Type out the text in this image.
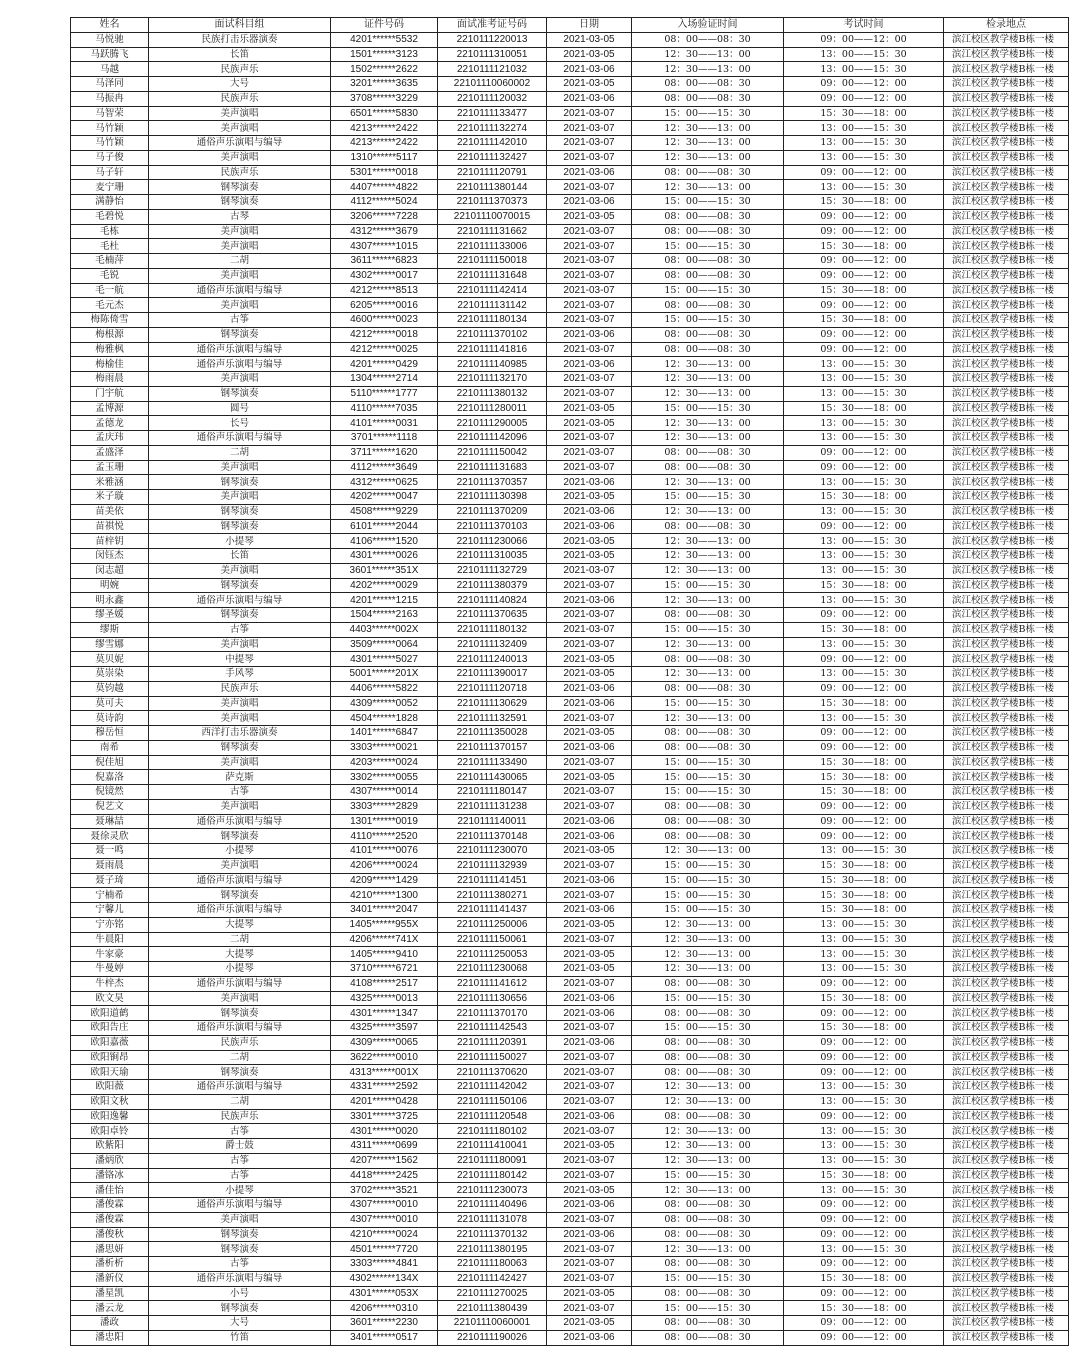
姓名	面试科目组	证件号码	面试准考证号码	日期	入场验证时间	考试时间	检录地点
马悦驰	民族打击乐器演奏	4201******5532	2210111220013	2021-03-05	08：00——08：30	09：00——12：00	滨江校区教学楼B栋一楼
马跃腾飞	长笛	1501******3123	2210111310051	2021-03-05	12：30——13：00	13：00——15：30	滨江校区教学楼B栋一楼
马越	民族声乐	1502******2622	2210111121032	2021-03-06	12：30——13：00	13：00——15：30	滨江校区教学楼B栋一楼
马泽同	大号	3201******3635	22101110060002	2021-03-05	08：00——08：30	09：00——12：00	滨江校区教学楼B栋一楼
马振冉	民族声乐	3708******3229	2210111120032	2021-03-06	08：00——08：30	09：00——12：00	滨江校区教学楼B栋一楼
马智荣	美声演唱	6501******5830	2210111133477	2021-03-07	15：00——15：30	15：30——18：00	滨江校区教学楼B栋一楼
马竹颖	美声演唱	4213******2422	2210111132274	2021-03-07	12：30——13：00	13：00——15：30	滨江校区教学楼B栋一楼
马竹颖	通俗声乐演唱与编导	4213******2422	2210111142010	2021-03-07	12：30——13：00	13：00——15：30	滨江校区教学楼B栋一楼
马子俊	美声演唱	1310******5117	2210111132427	2021-03-07	12：30——13：00	13：00——15：30	滨江校区教学楼B栋一楼
马子轩	民族声乐	5301******0018	2210111120791	2021-03-06	08：00——08：30	09：00——12：00	滨江校区教学楼B栋一楼
麦宁珊	钢琴演奏	4407******4822	2210111380144	2021-03-07	12：30——13：00	13：00——15：30	滨江校区教学楼B栋一楼
满静怡	钢琴演奏	4112******5024	2210111370373	2021-03-06	15：00——15：30	15：30——18：00	滨江校区教学楼B栋一楼
毛碧悦	古琴	3206******7228	22101110070015	2021-03-05	08：00——08：30	09：00——12：00	滨江校区教学楼B栋一楼
毛栋	美声演唱	4312******3679	2210111131662	2021-03-07	08：00——08：30	09：00——12：00	滨江校区教学楼B栋一楼
毛杜	美声演唱	4307******1015	2210111133006	2021-03-07	15：00——15：30	15：30——18：00	滨江校区教学楼B栋一楼
毛楠萍	二胡	3611******6823	2210111150018	2021-03-07	08：00——08：30	09：00——12：00	滨江校区教学楼B栋一楼
毛锐	美声演唱	4302******0017	2210111131648	2021-03-07	08：00——08：30	09：00——12：00	滨江校区教学楼B栋一楼
毛一航	通俗声乐演唱与编导	4212******8513	2210111142414	2021-03-07	15：00——15：30	15：30——18：00	滨江校区教学楼B栋一楼
毛元杰	美声演唱	6205******0016	2210111131142	2021-03-07	08：00——08：30	09：00——12：00	滨江校区教学楼B栋一楼
梅陈倚雪	古筝	4600******0023	2210111180134	2021-03-07	15：00——15：30	15：30——18：00	滨江校区教学楼B栋一楼
梅根源	钢琴演奏	4212******0018	2210111370102	2021-03-06	08：00——08：30	09：00——12：00	滨江校区教学楼B栋一楼
梅雅枫	通俗声乐演唱与编导	4212******0025	2210111141816	2021-03-07	08：00——08：30	09：00——12：00	滨江校区教学楼B栋一楼
梅榆佳	通俗声乐演唱与编导	4201******0429	2210111140985	2021-03-06	12：30——13：00	13：00——15：30	滨江校区教学楼B栋一楼
梅雨晨	美声演唱	1304******2714	2210111132170	2021-03-07	12：30——13：00	13：00——15：30	滨江校区教学楼B栋一楼
门宇航	钢琴演奏	5110******1777	2210111380132	2021-03-07	12：30——13：00	13：00——15：30	滨江校区教学楼B栋一楼
孟博源	圆号	4110******7035	2210111280011	2021-03-05	15：00——15：30	15：30——18：00	滨江校区教学楼B栋一楼
孟德龙	长号	4101******0031	2210111290005	2021-03-05	12：30——13：00	13：00——15：30	滨江校区教学楼B栋一楼
孟庆玮	通俗声乐演唱与编导	3701******1118	2210111142096	2021-03-07	12：30——13：00	13：00——15：30	滨江校区教学楼B栋一楼
孟盛泽	二胡	3711******1620	2210111150042	2021-03-07	08：00——08：30	09：00——12：00	滨江校区教学楼B栋一楼
孟玉珊	美声演唱	4112******3649	2210111131683	2021-03-07	08：00——08：30	09：00——12：00	滨江校区教学楼B栋一楼
米雅涵	钢琴演奏	4312******0625	2210111370357	2021-03-06	12：30——13：00	13：00——15：30	滨江校区教学楼B栋一楼
米子璇	美声演唱	4202******0047	2210111130398	2021-03-05	15：00——15：30	15：30——18：00	滨江校区教学楼B栋一楼
苗美依	钢琴演奏	4508******9229	2210111370209	2021-03-06	12：30——13：00	13：00——15：30	滨江校区教学楼B栋一楼
苗祺悦	钢琴演奏	6101******2044	2210111370103	2021-03-06	08：00——08：30	09：00——12：00	滨江校区教学楼B栋一楼
苗梓钥	小提琴	4106******1520	2210111230066	2021-03-05	12：30——13：00	13：00——15：30	滨江校区教学楼B栋一楼
闵钰杰	长笛	4301******0026	2210111310035	2021-03-05	12：30——13：00	13：00——15：30	滨江校区教学楼B栋一楼
闵志超	美声演唱	3601******351X	2210111132729	2021-03-07	12：30——13：00	13：00——15：30	滨江校区教学楼B栋一楼
明婉	钢琴演奏	4202******0029	2210111380379	2021-03-07	15：00——15：30	15：30——18：00	滨江校区教学楼B栋一楼
明永鑫	通俗声乐演唱与编导	4201******1215	2210111140824	2021-03-06	12：30——13：00	13：00——15：30	滨江校区教学楼B栋一楼
缪圣媛	钢琴演奏	1504******2163	2210111370635	2021-03-07	08：00——08：30	09：00——12：00	滨江校区教学楼B栋一楼
缪斯	古筝	4403******002X	2210111180132	2021-03-07	15：00——15：30	15：30——18：00	滨江校区教学楼B栋一楼
缪雪娜	美声演唱	3509******0064	2210111132409	2021-03-07	12：30——13：00	13：00——15：30	滨江校区教学楼B栋一楼
莫贝妮	中提琴	4301******5027	2210111240013	2021-03-05	08：00——08：30	09：00——12：00	滨江校区教学楼B栋一楼
莫崇染	手风琴	5001******201X	2210111390017	2021-03-05	12：30——13：00	13：00——15：30	滨江校区教学楼B栋一楼
莫钧越	民族声乐	4406******5822	2210111120718	2021-03-06	08：00——08：30	09：00——12：00	滨江校区教学楼B栋一楼
莫可夫	美声演唱	4309******0052	2210111130629	2021-03-06	15：00——15：30	15：30——18：00	滨江校区教学楼B栋一楼
莫诗韵	美声演唱	4504******1828	2210111132591	2021-03-07	12：30——13：00	13：00——15：30	滨江校区教学楼B栋一楼
穆岳恒	西洋打击乐器演奏	1401******6847	2210111350028	2021-03-05	08：00——08：30	09：00——12：00	滨江校区教学楼B栋一楼
南希	钢琴演奏	3303******0021	2210111370157	2021-03-06	08：00——08：30	09：00——12：00	滨江校区教学楼B栋一楼
倪佳旭	美声演唱	4203******0024	2210111133490	2021-03-07	15：00——15：30	15：30——18：00	滨江校区教学楼B栋一楼
倪嘉洛	萨克斯	3302******0055	2210111430065	2021-03-05	15：00——15：30	15：30——18：00	滨江校区教学楼B栋一楼
倪镜然	古筝	4307******0014	2210111180147	2021-03-07	15：00——15：30	15：30——18：00	滨江校区教学楼B栋一楼
倪艺文	美声演唱	3303******2829	2210111131238	2021-03-07	08：00——08：30	09：00——12：00	滨江校区教学楼B栋一楼
聂琳喆	通俗声乐演唱与编导	1301******0019	2210111140011	2021-03-06	08：00——08：30	09：00——12：00	滨江校区教学楼B栋一楼
聂徐灵欣	钢琴演奏	4110******2520	2210111370148	2021-03-06	08：00——08：30	09：00——12：00	滨江校区教学楼B栋一楼
聂一鸣	小提琴	4101******0076	2210111230070	2021-03-05	12：30——13：00	13：00——15：30	滨江校区教学楼B栋一楼
聂雨晨	美声演唱	4206******0024	2210111132939	2021-03-07	15：00——15：30	15：30——18：00	滨江校区教学楼B栋一楼
聂子琦	通俗声乐演唱与编导	4209******1429	2210111141451	2021-03-06	15：00——15：30	15：30——18：00	滨江校区教学楼B栋一楼
宁楠希	钢琴演奏	4210******1300	2210111380271	2021-03-07	15：00——15：30	15：30——18：00	滨江校区教学楼B栋一楼
宁馨儿	通俗声乐演唱与编导	3401******2047	2210111141437	2021-03-06	15：00——15：30	15：30——18：00	滨江校区教学楼B栋一楼
宁亦铭	大提琴	1405******955X	2210111250006	2021-03-05	12：30——13：00	13：00——15：30	滨江校区教学楼B栋一楼
牛晨阳	二胡	4206******741X	2210111150061	2021-03-07	12：30——13：00	13：00——15：30	滨江校区教学楼B栋一楼
牛家豪	大提琴	1405******9410	2210111250053	2021-03-05	12：30——13：00	13：00——15：30	滨江校区教学楼B栋一楼
牛曼婷	小提琴	3710******6721	2210111230068	2021-03-05	12：30——13：00	13：00——15：30	滨江校区教学楼B栋一楼
牛梓杰	通俗声乐演唱与编导	4108******2517	2210111141612	2021-03-07	08：00——08：30	09：00——12：00	滨江校区教学楼B栋一楼
欧文昊	美声演唱	4325******0013	2210111130656	2021-03-06	15：00——15：30	15：30——18：00	滨江校区教学楼B栋一楼
欧阳道鹤	钢琴演奏	4301******1347	2210111370170	2021-03-06	08：00——08：30	09：00——12：00	滨江校区教学楼B栋一楼
欧阳告庄	通俗声乐演唱与编导	4325******3597	2210111142543	2021-03-07	15：00——15：30	15：30——18：00	滨江校区教学楼B栋一楼
欧阳嘉薇	民族声乐	4309******0065	2210111120391	2021-03-06	08：00——08：30	09：00——12：00	滨江校区教学楼B栋一楼
欧阳锏昂	二胡	3622******0010	2210111150027	2021-03-07	08：00——08：30	09：00——12：00	滨江校区教学楼B栋一楼
欧阳天瑜	钢琴演奏	4313******001X	2210111370620	2021-03-07	08：00——08：30	09：00——12：00	滨江校区教学楼B栋一楼
欧阳薇	通俗声乐演唱与编导	4331******2592	2210111142042	2021-03-07	12：30——13：00	13：00——15：30	滨江校区教学楼B栋一楼
欧阳文秋	二胡	4201******0428	2210111150106	2021-03-07	12：30——13：00	13：00——15：30	滨江校区教学楼B栋一楼
欧阳逸馨	民族声乐	3301******3725	2210111120548	2021-03-06	08：00——08：30	09：00——12：00	滨江校区教学楼B栋一楼
欧阳卓铃	古筝	4301******0020	2210111180102	2021-03-07	12：30——13：00	13：00——15：30	滨江校区教学楼B栋一楼
欧紫阳	爵士鼓	4311******0699	2210111410041	2021-03-05	12：30——13：00	13：00——15：30	滨江校区教学楼B栋一楼
潘炳欣	古筝	4207******1562	2210111180091	2021-03-07	12：30——13：00	13：00——15：30	滨江校区教学楼B栋一楼
潘铬冰	古筝	4418******2425	2210111180142	2021-03-07	15：00——15：30	15：30——18：00	滨江校区教学楼B栋一楼
潘佳怡	小提琴	3702******3521	2210111230073	2021-03-05	12：30——13：00	13：00——15：30	滨江校区教学楼B栋一楼
潘俊霖	通俗声乐演唱与编导	4307******0010	2210111140496	2021-03-06	08：00——08：30	09：00——12：00	滨江校区教学楼B栋一楼
潘俊霖	美声演唱	4307******0010	2210111131078	2021-03-07	08：00——08：30	09：00——12：00	滨江校区教学楼B栋一楼
潘俊秋	钢琴演奏	4210******0024	2210111370132	2021-03-06	08：00——08：30	09：00——12：00	滨江校区教学楼B栋一楼
潘思妍	钢琴演奏	4501******7720	2210111380195	2021-03-07	12：30——13：00	13：00——15：30	滨江校区教学楼B栋一楼
潘析析	古筝	3303******4841	2210111180063	2021-03-07	08：00——08：30	09：00——12：00	滨江校区教学楼B栋一楼
潘新仪	通俗声乐演唱与编导	4302******134X	2210111142427	2021-03-07	15：00——15：30	15：30——18：00	滨江校区教学楼B栋一楼
潘星凯	小号	4301******053X	2210111270025	2021-03-05	08：00——08：30	09：00——12：00	滨江校区教学楼B栋一楼
潘云龙	钢琴演奏	4206******0310	2210111380439	2021-03-07	15：00——15：30	15：30——18：00	滨江校区教学楼B栋一楼
潘政	大号	3601******2230	22101110060001	2021-03-05	08：00——08：30	09：00——12：00	滨江校区教学楼B栋一楼
潘忠阳	竹笛	3401******0517	2210111190026	2021-03-06	08：00——08：30	09：00——12：00	滨江校区教学楼B栋一楼
